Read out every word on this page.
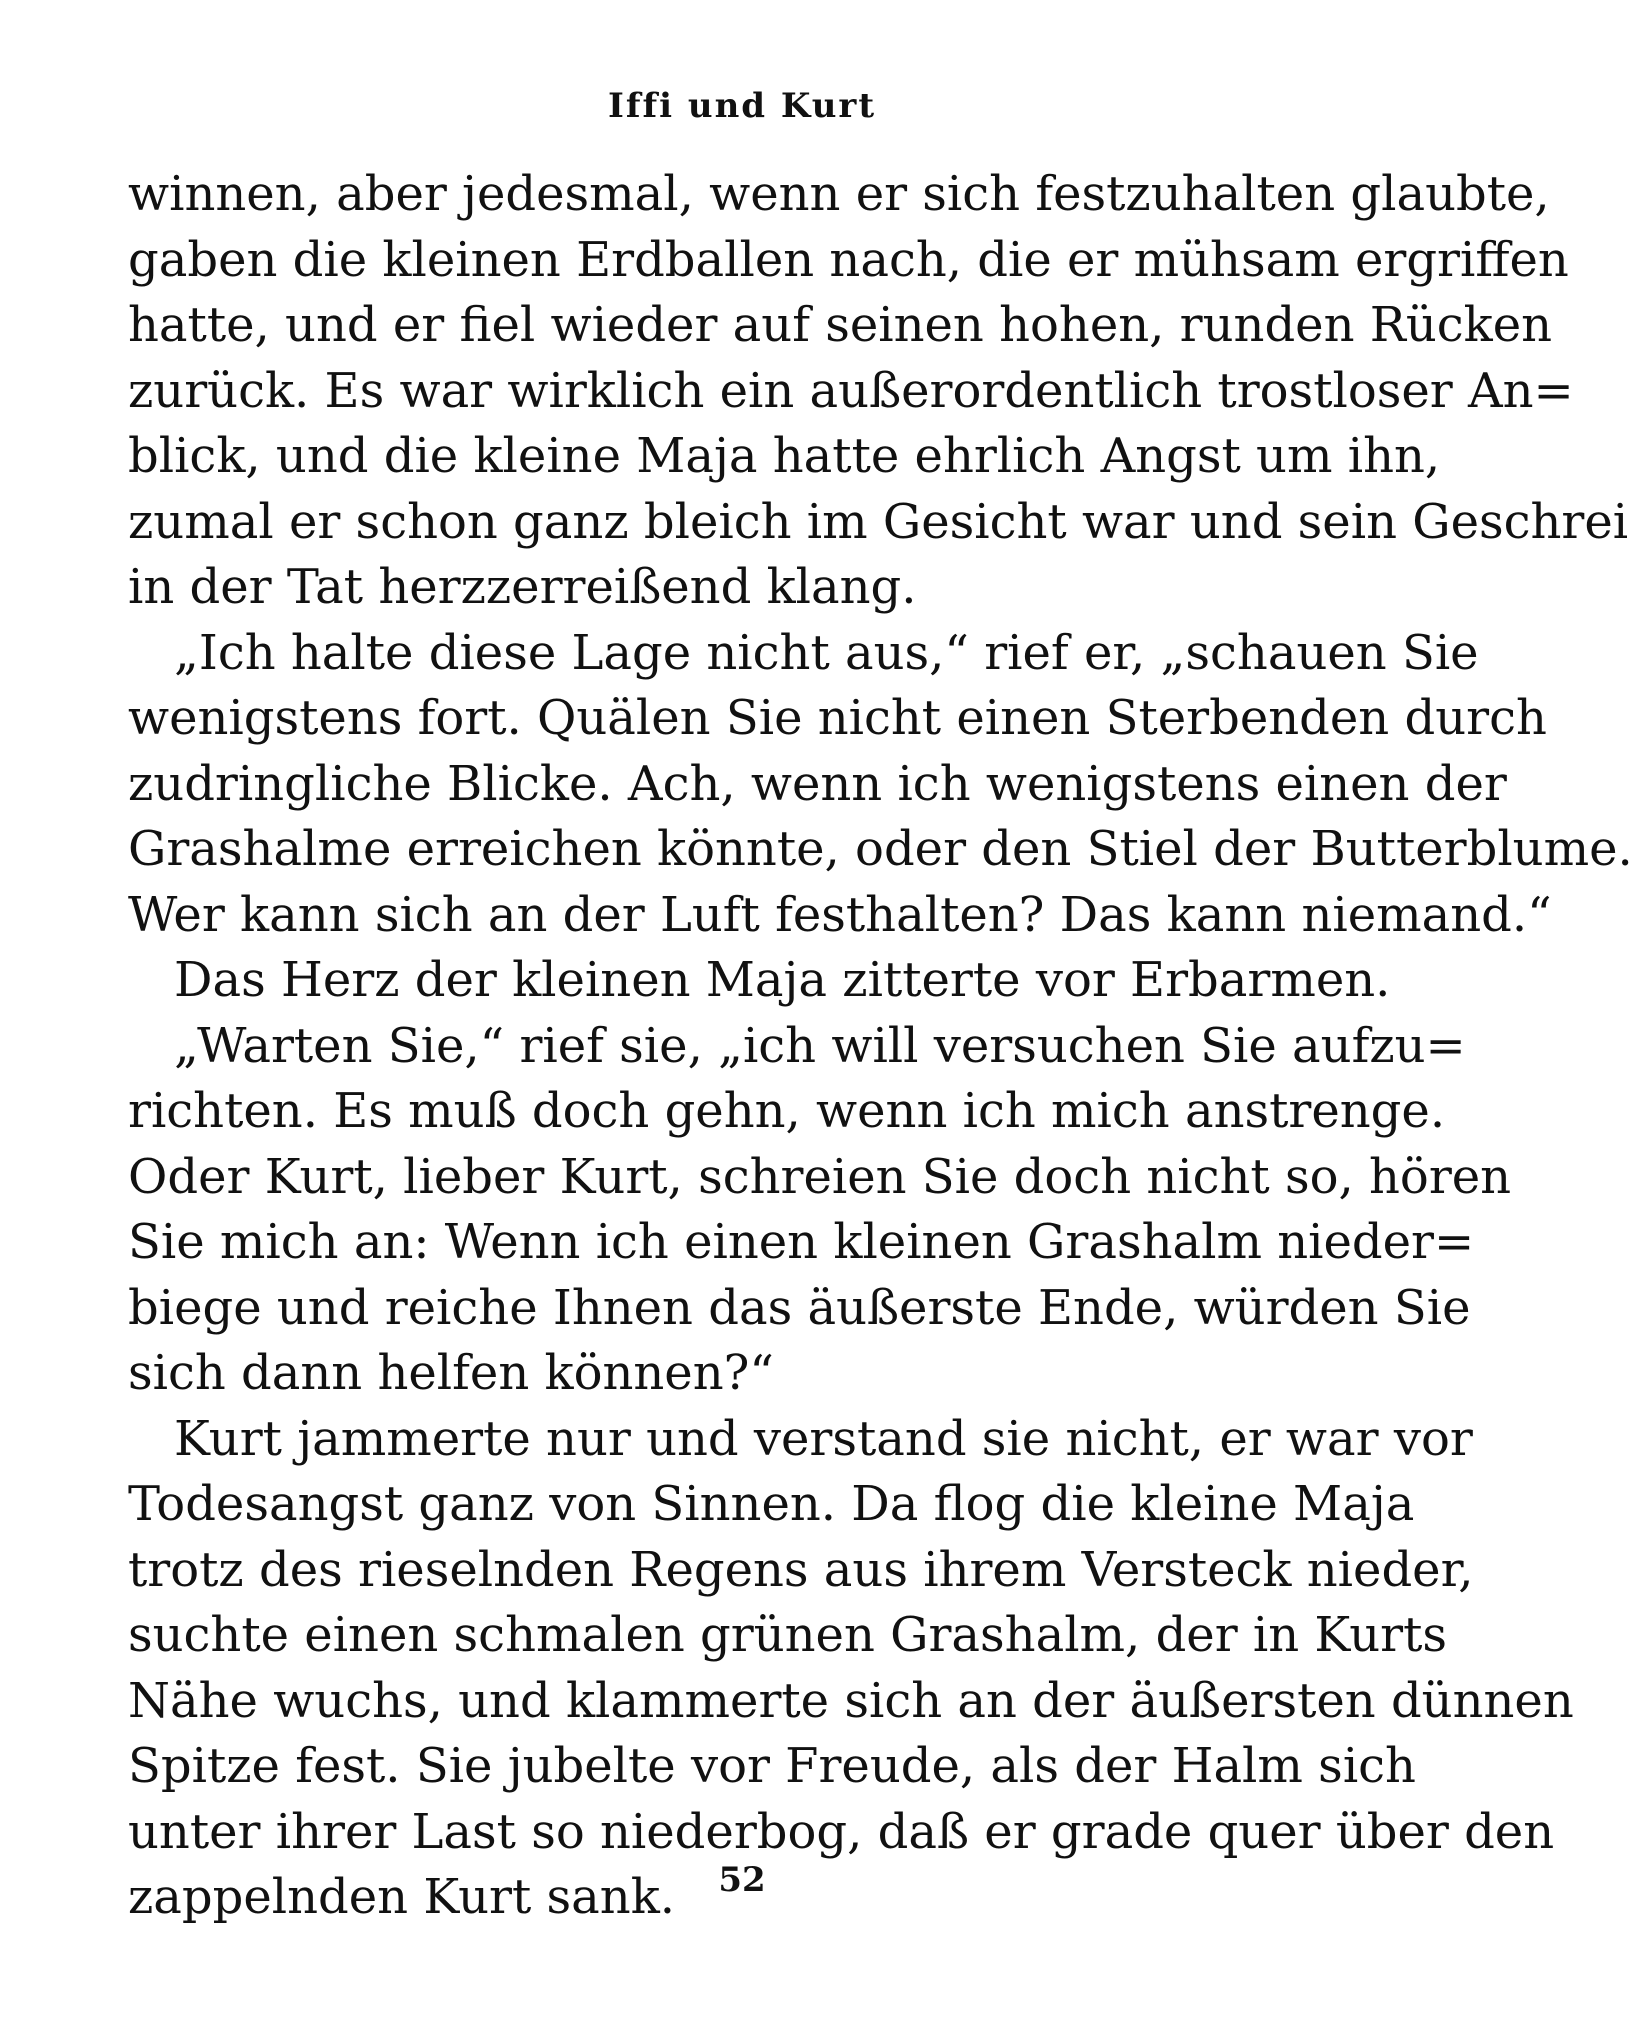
Iffi und Kurt
winnen, aber jedesmal, wenn er sich festzuhalten glaubte,
gaben die kleinen Erdballen nach, die er mühsam ergriffen
hatte, und er fiel wieder auf seinen hohen, runden Rücken
zurück. Es war wirklich ein außerordentlich trostloser An=
blick, und die kleine Maja hatte ehrlich Angst um ihn,
zumal er schon ganz bleich im Gesicht war und sein Geschrei
in der Tat herzzerreißend klang.
„Ich halte diese Lage nicht aus,“ rief er, „schauen Sie
wenigstens fort. Quälen Sie nicht einen Sterbenden durch
zudringliche Blicke. Ach, wenn ich wenigstens einen der
Grashalme erreichen könnte, oder den Stiel der Butterblume.
Wer kann sich an der Luft festhalten? Das kann niemand.“
Das Herz der kleinen Maja zitterte vor Erbarmen.
„Warten Sie,“ rief sie, „ich will versuchen Sie aufzu=
richten. Es muß doch gehn, wenn ich mich anstrenge.
Oder Kurt, lieber Kurt, schreien Sie doch nicht so, hören
Sie mich an: Wenn ich einen kleinen Grashalm nieder=
biege und reiche Ihnen das äußerste Ende, würden Sie
sich dann helfen können?“
Kurt jammerte nur und verstand sie nicht, er war vor
Todesangst ganz von Sinnen. Da flog die kleine Maja
trotz des rieselnden Regens aus ihrem Versteck nieder,
suchte einen schmalen grünen Grashalm, der in Kurts
Nähe wuchs, und klammerte sich an der äußersten dünnen
Spitze fest. Sie jubelte vor Freude, als der Halm sich
unter ihrer Last so niederbog, daß er grade quer über den
zappelnden Kurt sank.	52
